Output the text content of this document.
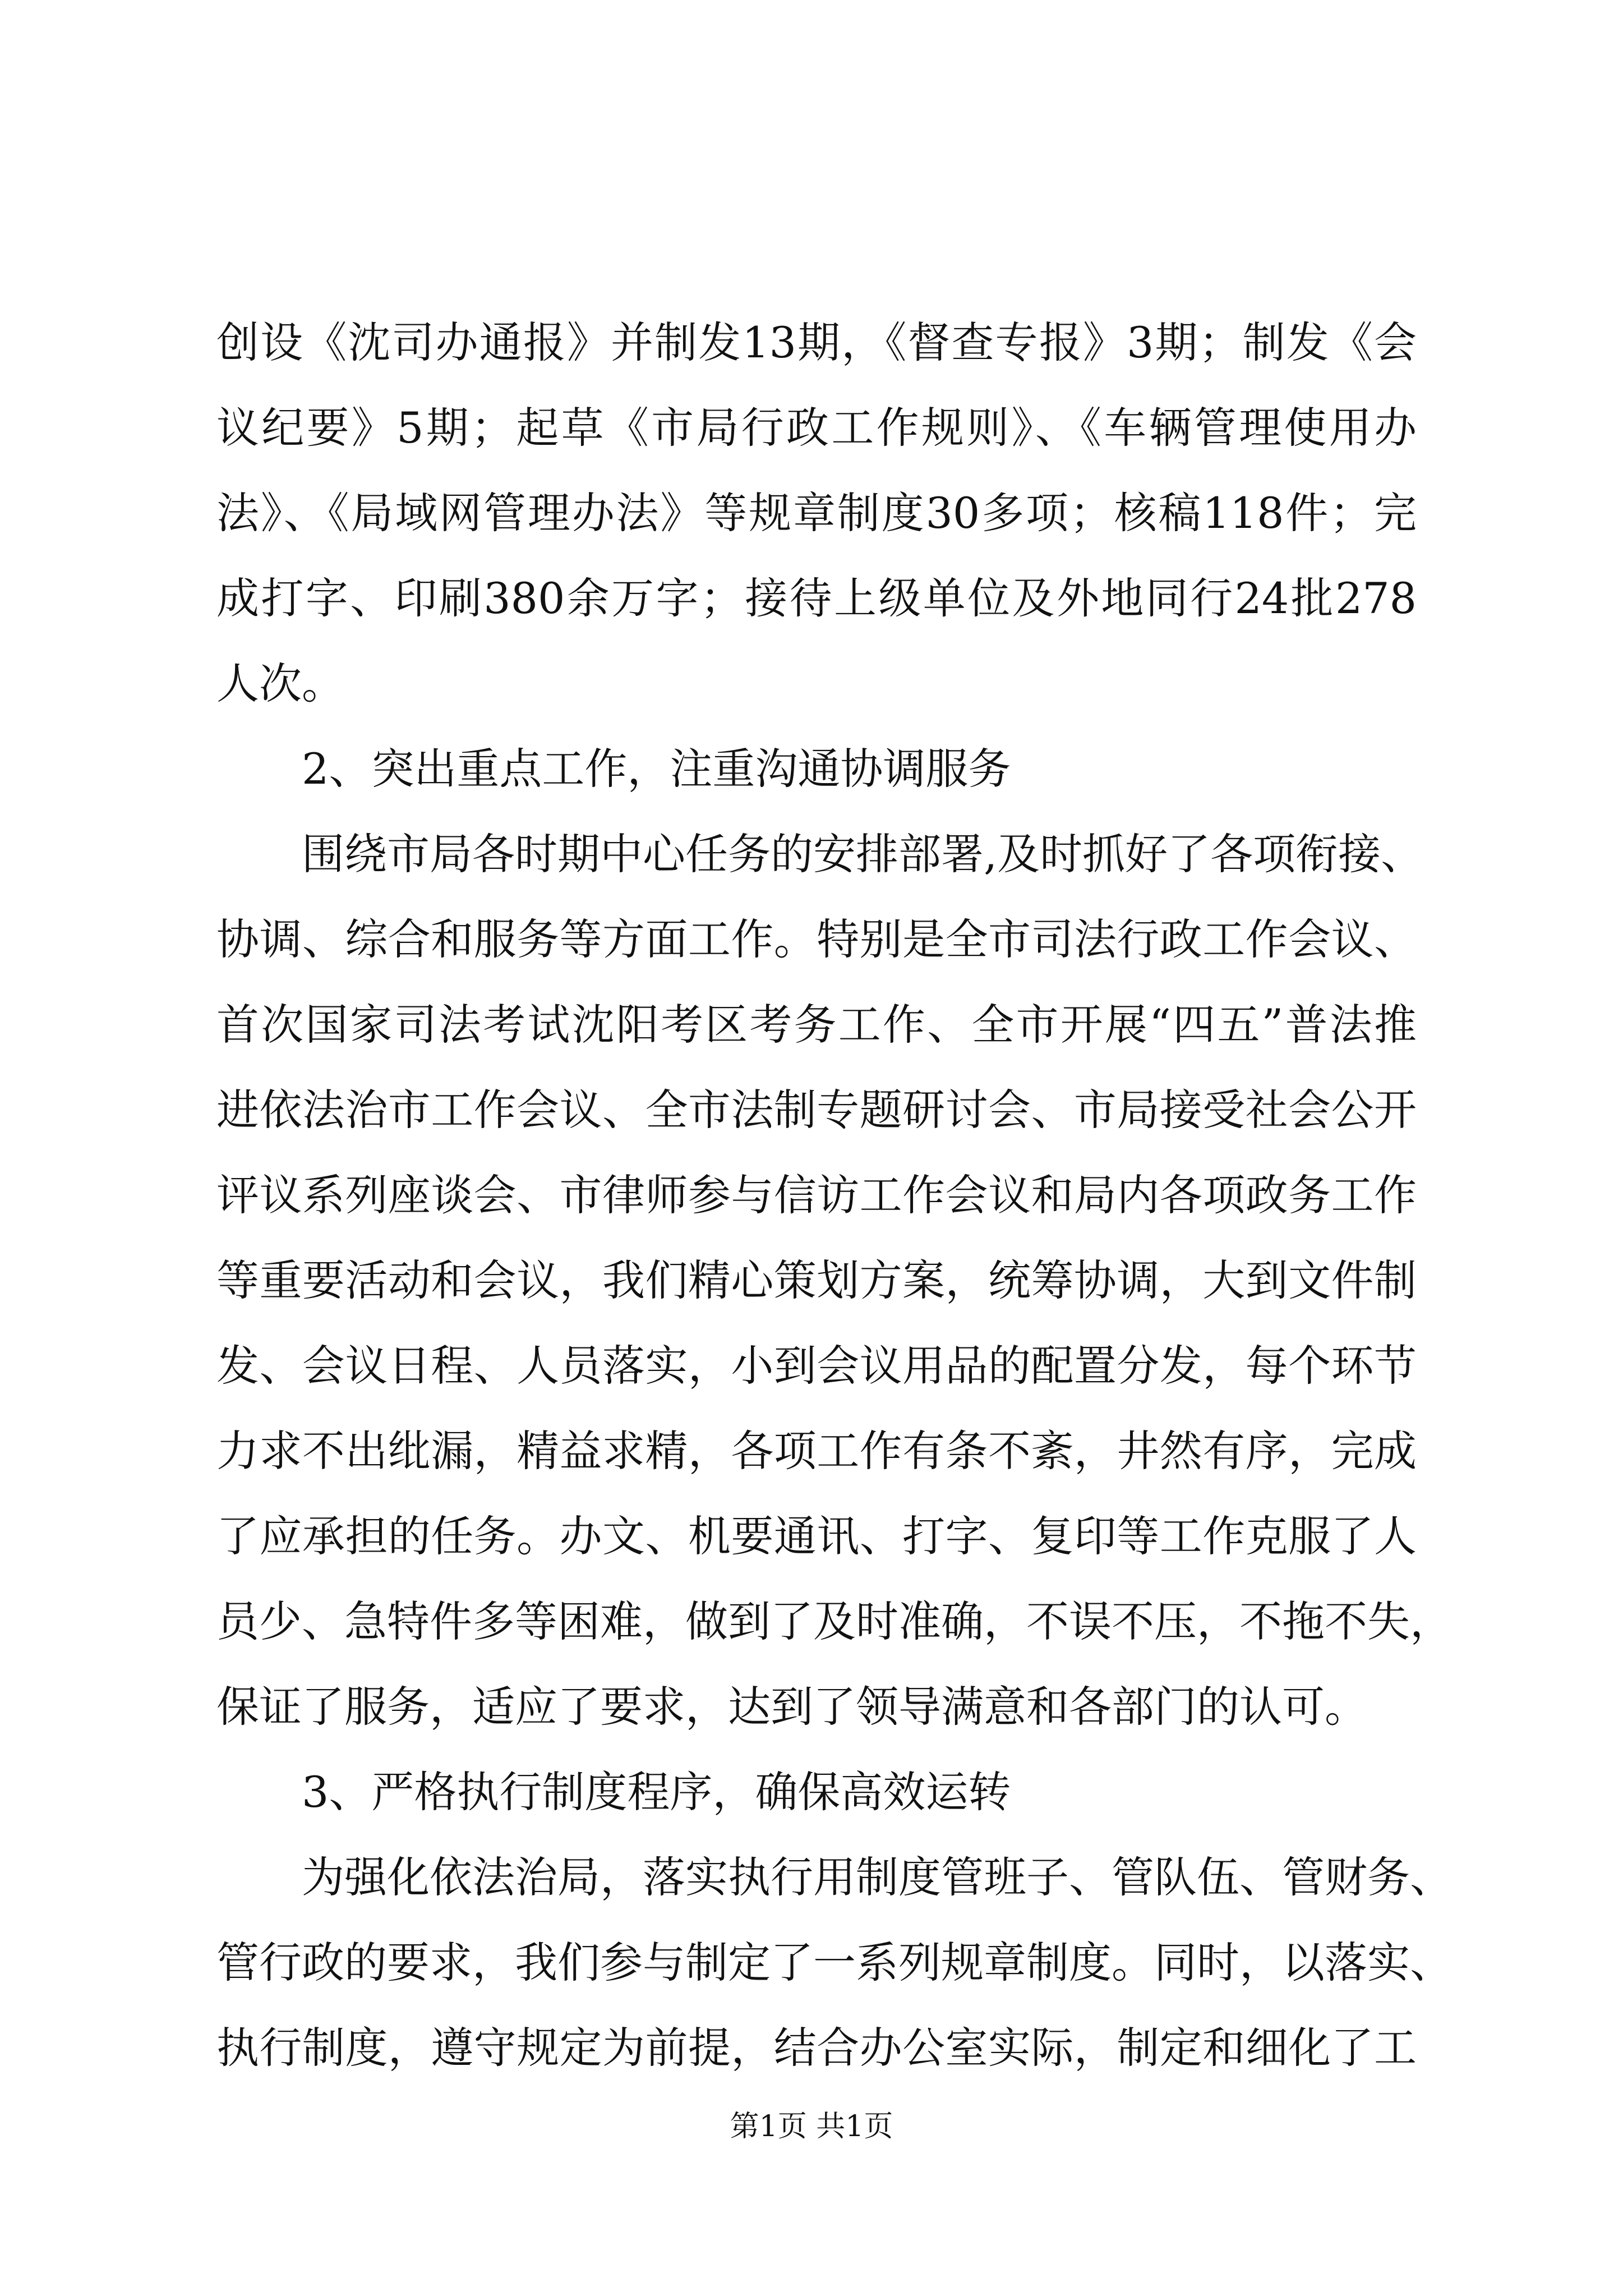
创设《沈司办通报》并制发13期，《督查专报》3期；制发《会
议纪要》5期；起草《市局行政工作规则》、《车辆管理使用办
法》、《局域网管理办法》等规章制度30多项；核稿118件；完
成打字、印刷380余万字；接待上级单位及外地同行24批278
人次。
2、突出重点工作，注重沟通协调服务
围绕市局各时期中心任务的安排部署,及时抓好了各项衔接、
协调、综合和服务等方面工作。特别是全市司法行政工作会议、
首次国家司法考试沈阳考区考务工作、全市开展“四五”普法推
进依法治市工作会议、全市法制专题研讨会、市局接受社会公开
评议系列座谈会、市律师参与信访工作会议和局内各项政务工作
等重要活动和会议，我们精心策划方案，统筹协调，大到文件制
发、会议日程、人员落实，小到会议用品的配置分发，每个环节
力求不出纰漏，精益求精，各项工作有条不紊，井然有序，完成
了应承担的任务。办文、机要通讯、打字、复印等工作克服了人
员少、急特件多等困难，做到了及时准确，不误不压，不拖不失，
保证了服务，适应了要求，达到了领导满意和各部门的认可。
3、严格执行制度程序，确保高效运转
为强化依法治局，落实执行用制度管班子、管队伍、管财务、
管行政的要求，我们参与制定了一系列规章制度。同时，以落实、
执行制度，遵守规定为前提，结合办公室实际，制定和细化了工
第1页 共1页
